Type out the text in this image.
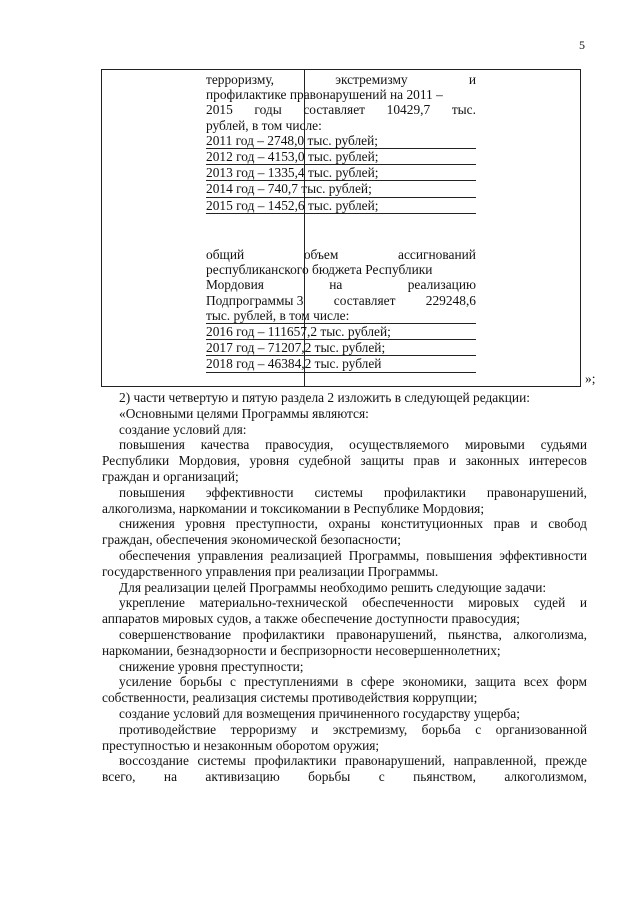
5
терроризму,	экстремизму	и
профилактике правонарушений на 2011 –
2015 годы составляет 10429,7 тыс.
рублей, в том числе:
2011 год – 2748,0 тыс. рублей;
2012 год – 4153,0 тыс. рублей;
2013 год – 1335,4 тыс. рублей;
2014 год – 740,7 тыс. рублей;
2015 год – 1452,6 тыс. рублей;
общий	объем	ассигнований
республиканского бюджета Республики
Мордовия	на	реализацию
Подпрограммы 3 составляет 229248,6
тыс. рублей, в том числе:
2016 год – 111657,2 тыс. рублей;
2017 год – 71207,2 тыс. рублей;
2018 год – 46384,2 тыс. рублей
»;

2) части четвертую и пятую раздела 2 изложить в следующей редакции:

«Основными целями Программы являются:

создание условий для:

повышения качества правосудия, осуществляемого мировыми судьями Республики Мордовия, уровня судебной защиты прав и законных интересов граждан и организаций;

повышения эффективности системы профилактики правонарушений, алкоголизма, наркомании и токсикомании в Республике Мордовия;

снижения уровня преступности, охраны конституционных прав и свобод граждан, обеспечения экономической безопасности;

обеспечения управления реализацией Программы, повышения эффективности государственного управления при реализации Программы.

Для реализации целей Программы необходимо решить следующие задачи:

укрепление материально-технической обеспеченности мировых судей и аппаратов мировых судов, а также обеспечение доступности правосудия;

совершенствование профилактики правонарушений, пьянства, алкоголизма, наркомании, безнадзорности и беспризорности несовершеннолетних;

снижение уровня преступности;

усиление борьбы с преступлениями в сфере экономики, защита всех форм собственности, реализация системы противодействия коррупции;

создание условий для возмещения причиненного государству ущерба;

противодействие терроризму и экстремизму, борьба с организованной преступностью и незаконным оборотом оружия;

воссоздание системы профилактики правонарушений, направленной, прежде всего, на активизацию борьбы с пьянством, алкоголизмом,
